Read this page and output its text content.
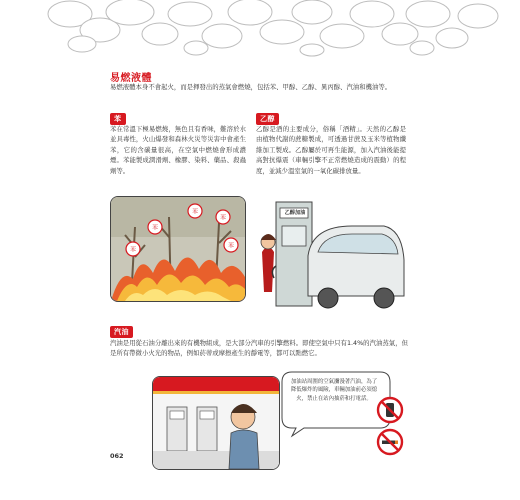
易燃液體
易燃液體本身不會起火，而是揮發出的蒸氣會燃燒，包括苯、甲醇、乙醇、異丙醇、汽油和機油等。
苯
苯在常溫下極易燃燒，無色且有香味，難溶於水並具毒性，火山爆發和森林火災等災害中會產生苯，它的含碳量很高，在空氣中燃燒會形成濃煙。苯能製成潤滑劑、橡膠、染料、藥品、殺蟲劑等。
苯
苯
苯
苯
苯
乙醇
乙醇是酒的主要成分，俗稱「酒精」。天然的乙醇是由植物代謝的蔗糖製成，可透過甘蔗及玉米等植物纖維加工製成。乙醇屬於可再生能源，加入汽油後能提高對抗爆震（車輛引擎不正常燃燒造成的震動）的程度，並減少溫室氣的一氧化碳排放量。
乙醇加油
汽油
汽油是用從石油分離出來的有機物組成，是大部分汽車的引擎燃料。即使空氣中只有1.4%的汽油蒸氣，但是所有帶微小火光的物品，例如菸蒂或摩擦產生的靜電等，都可以點燃它。
加油站周圍的空氣瀰漫著汽油，為了降低爆炸的風險，車輛加油前必須熄火，禁止在站內抽菸和打電話。
062
